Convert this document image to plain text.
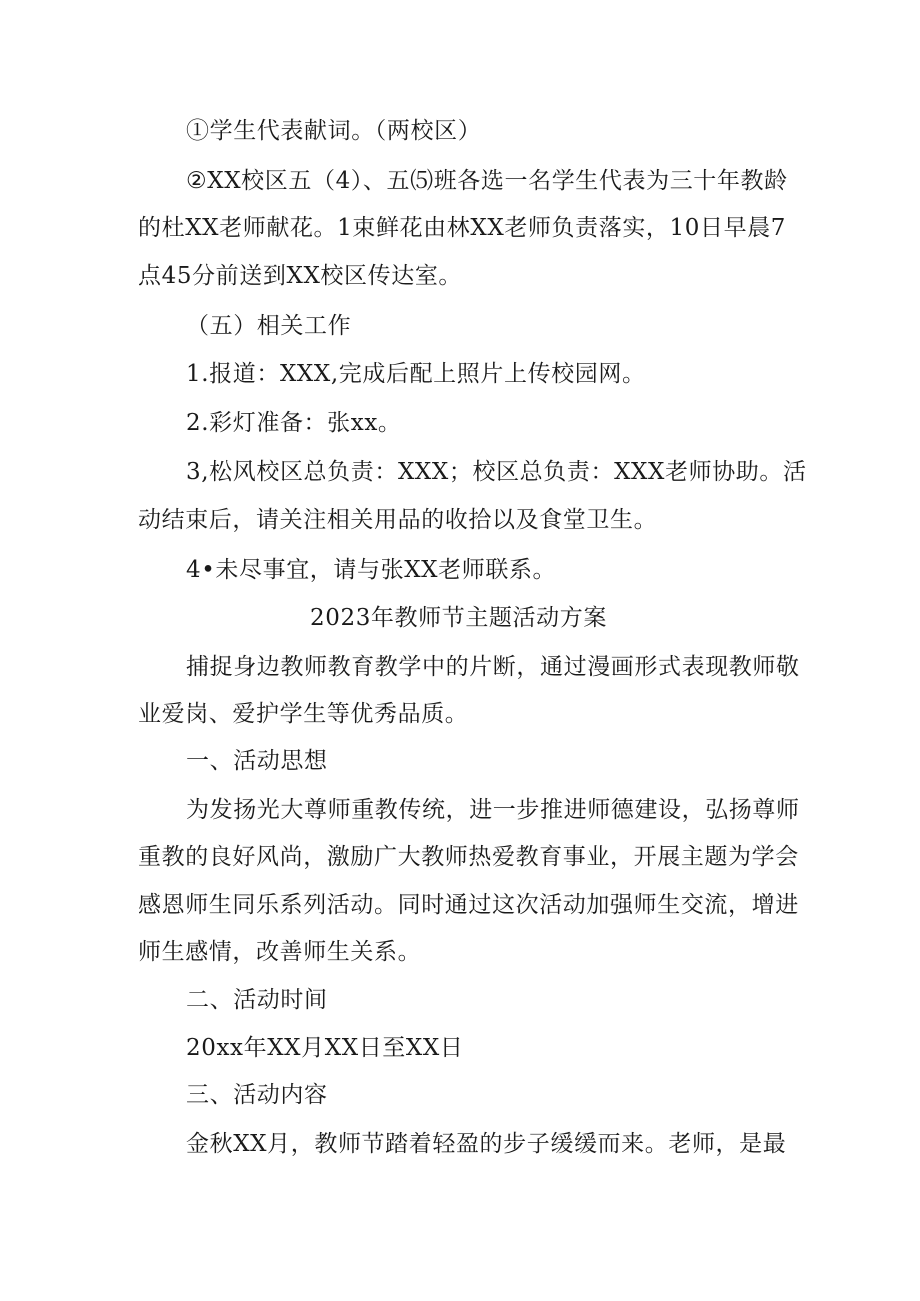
①学生代表献词。（两校区）
②XX校区五（4）、五⑸班各选一名学生代表为三十年教龄
的杜XX老师献花。1束鲜花由林XX老师负责落实，10日早晨7
点45分前送到XX校区传达室。
（五）相关工作
1.报道：XXX,完成后配上照片上传校园网。
2.彩灯准备：张xx。
3,松风校区总负责：XXX；校区总负责：XXX老师协助。活
动结束后，请关注相关用品的收拾以及食堂卫生。
4•未尽事宜，请与张XX老师联系。
2023年教师节主题活动方案
捕捉身边教师教育教学中的片断，通过漫画形式表现教师敬
业爱岗、爱护学生等优秀品质。
一、活动思想
为发扬光大尊师重教传统，进一步推进师德建设，弘扬尊师
重教的良好风尚，激励广大教师热爱教育事业，开展主题为学会
感恩师生同乐系列活动。同时通过这次活动加强师生交流，增进
师生感情，改善师生关系。
二、活动时间
20xx年XX月XX日至XX日
三、活动内容
金秋XX月，教师节踏着轻盈的步子缓缓而来。老师，是最
